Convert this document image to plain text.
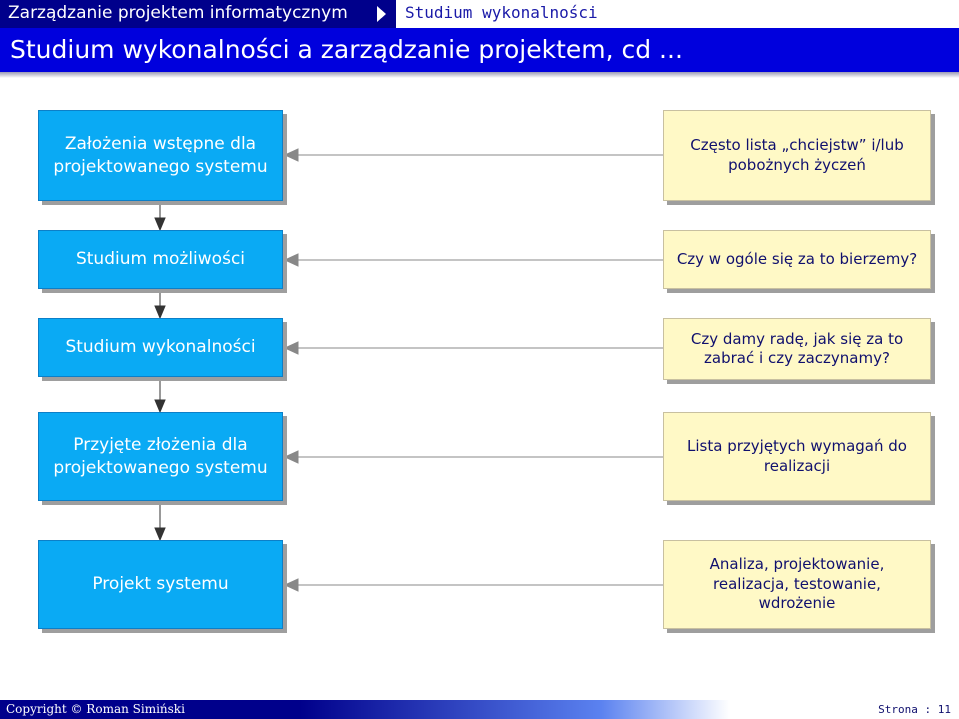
Zarządzanie projektem informatycznym	Studium wykonalności
Studium wykonalności a zarządzanie projektem, cd ...
Założenia wstępne dla
projektowanego systemu
Studium możliwości
Studium wykonalności
Przyjęte złożenia dla
projektowanego systemu
Projekt systemu
Często lista „chciejstw” i/lub
pobożnych życzeń
Czy w ogóle się za to bierzemy?
Czy damy radę, jak się za to
zabrać i czy zaczynamy?
Lista przyjętych wymagań do
realizacji
Analiza, projektowanie,
realizacja, testowanie,
wdrożenie
Copyright © Roman Simiński	Strona : 11
